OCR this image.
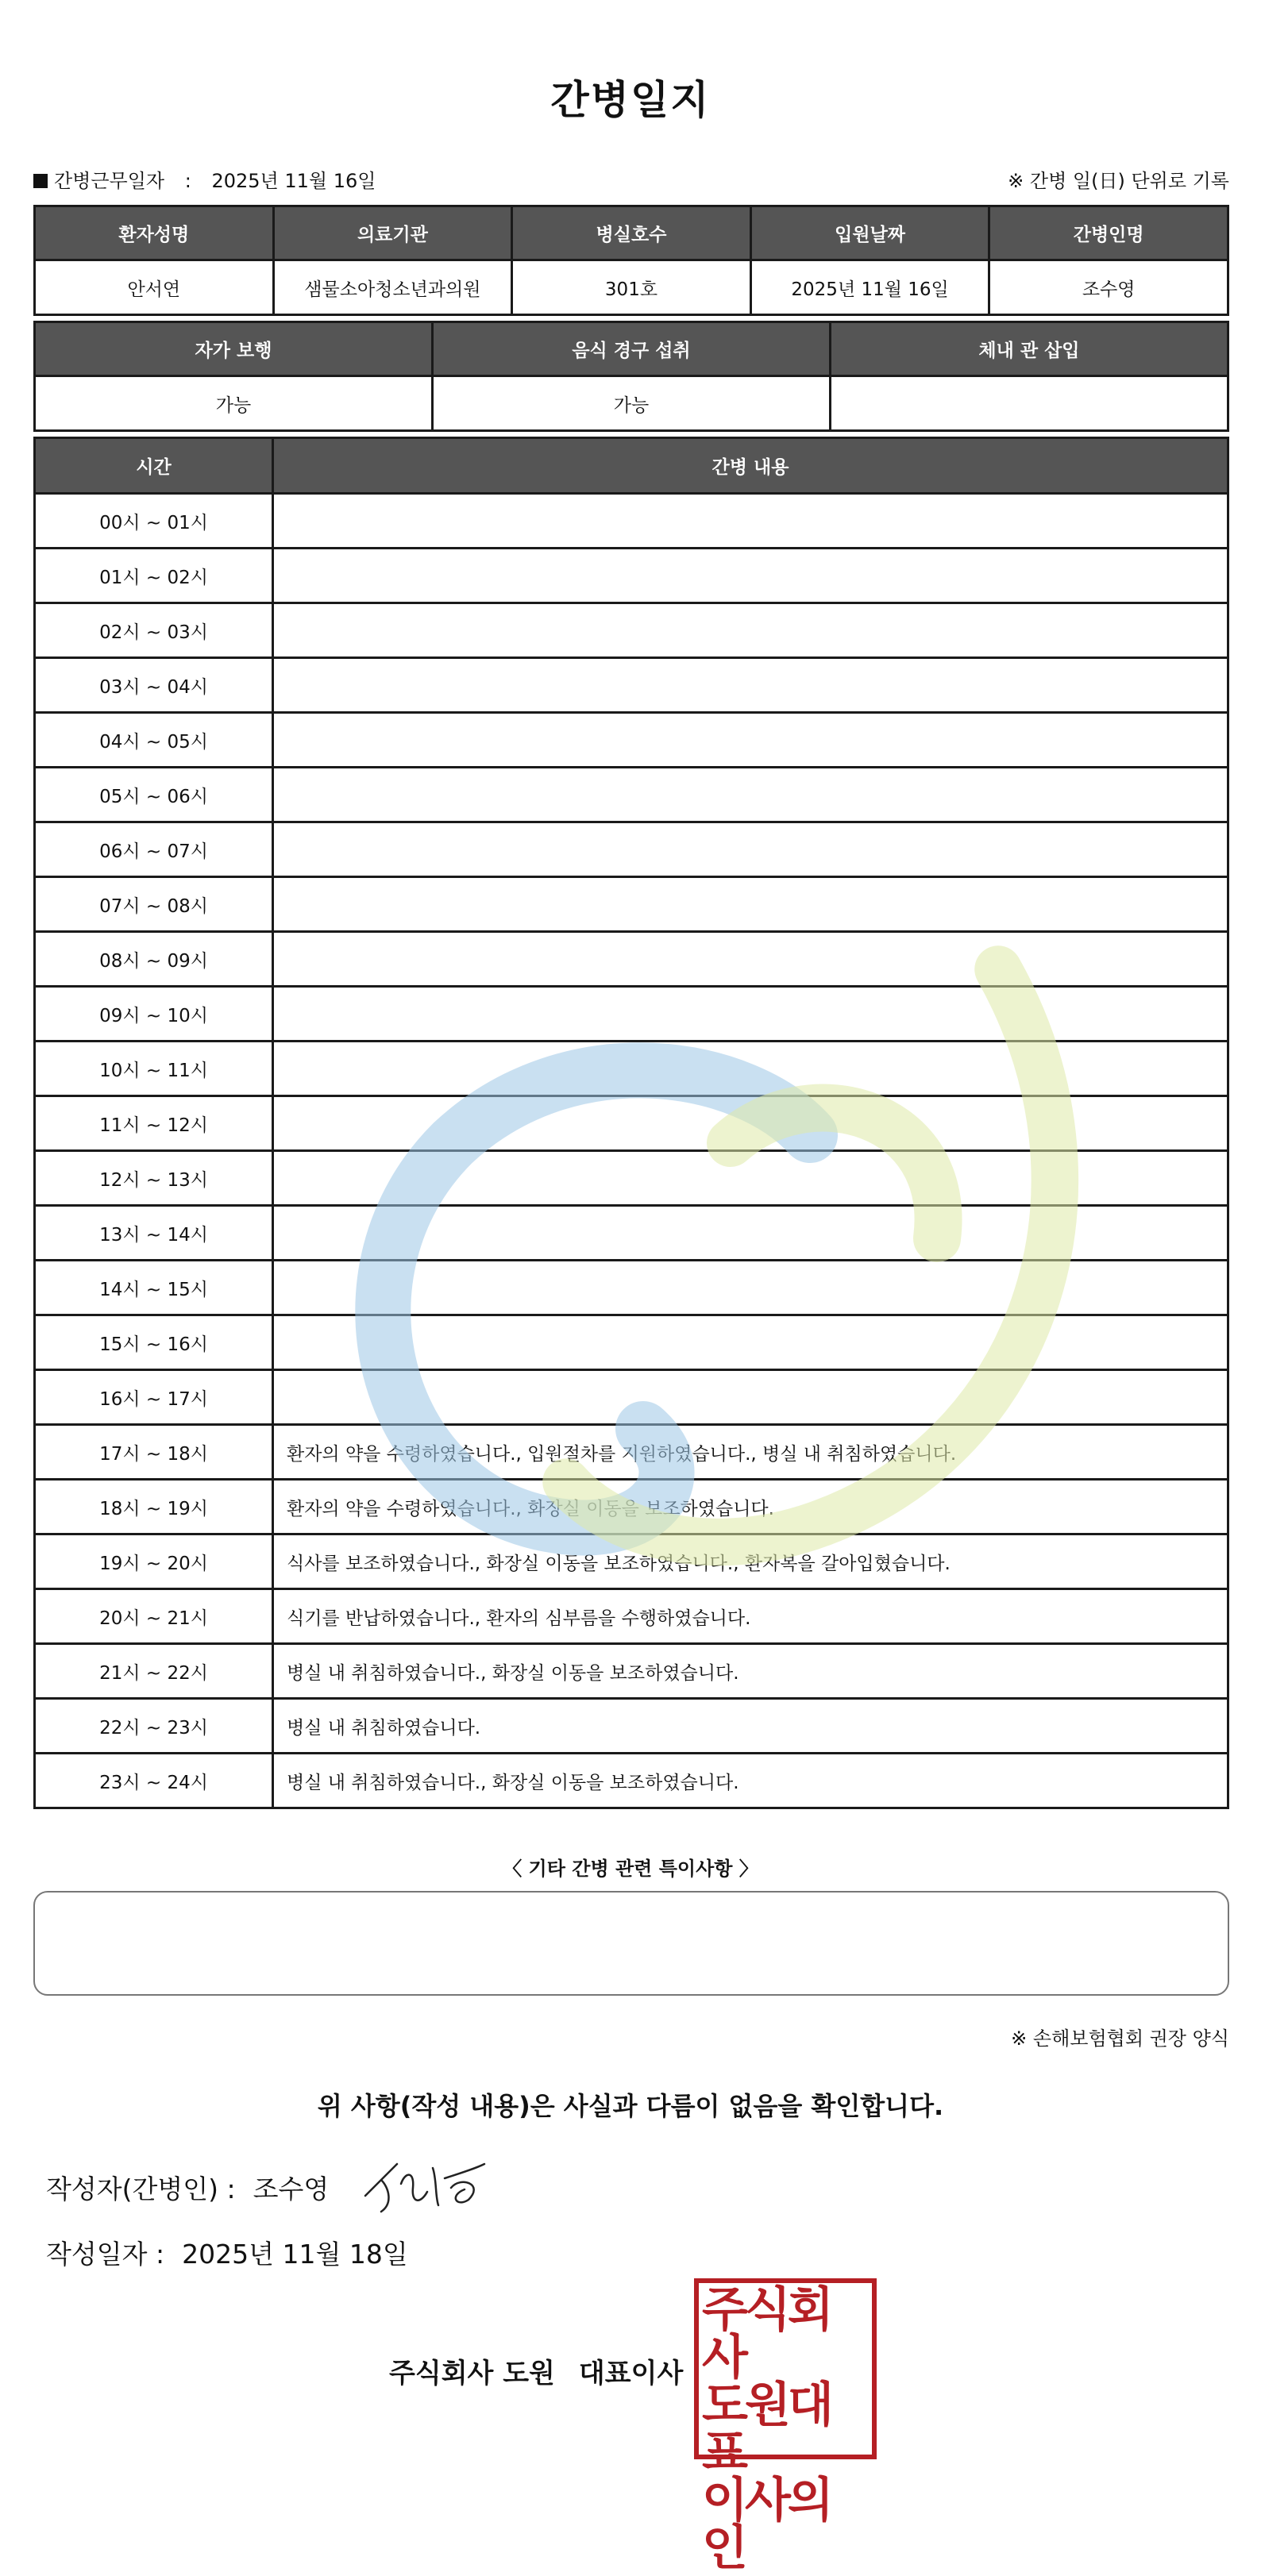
간병일지
간병근무일자 : 2025년 11월 16일	※ 간병 일(日) 단위로 기록
환자성명	의료기관	병실호수	입원날짜	간병인명
안서연	샘물소아청소년과의원	301호	2025년 11월 16일	조수영
자가 보행	음식 경구 섭취	체내 관 삽입
가능	가능	
시간	간병 내용
00시 ~ 01시	
01시 ~ 02시	
02시 ~ 03시	
03시 ~ 04시	
04시 ~ 05시	
05시 ~ 06시	
06시 ~ 07시	
07시 ~ 08시	
08시 ~ 09시	
09시 ~ 10시	
10시 ~ 11시	
11시 ~ 12시	
12시 ~ 13시	
13시 ~ 14시	
14시 ~ 15시	
15시 ~ 16시	
16시 ~ 17시	
17시 ~ 18시	환자의 약을 수령하였습니다., 입원절차를 지원하였습니다., 병실 내 취침하였습니다.
18시 ~ 19시	환자의 약을 수령하였습니다., 화장실 이동을 보조하였습니다.
19시 ~ 20시	식사를 보조하였습니다., 화장실 이동을 보조하였습니다., 환자복을 갈아입혔습니다.
20시 ~ 21시	식기를 반납하였습니다., 환자의 심부름을 수행하였습니다.
21시 ~ 22시	병실 내 취침하였습니다., 화장실 이동을 보조하였습니다.
22시 ~ 23시	병실 내 취침하였습니다.
23시 ~ 24시	병실 내 취침하였습니다., 화장실 이동을 보조하였습니다.
〈 기타 간병 관련 특이사항 〉
※ 손해보험협회 권장 양식
위 사항(작성 내용)은 사실과 다름이 없음을 확인합니다.
작성자(간병인) : 조수영
작성일자 : 2025년 11월 18일
주식회사 도원 대표이사
주식회사
도원대표
이사의인
